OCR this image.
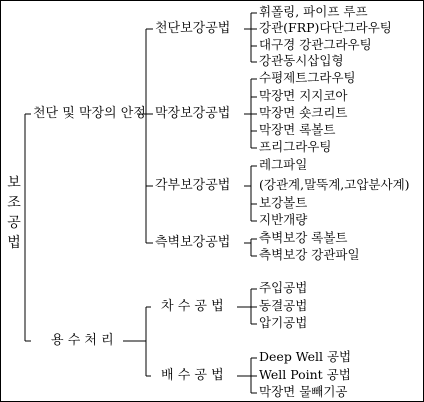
보
조
공
법
천단 및 막장의 안정
용 수 처 리
천단보강공법
막장보강공법
각부보강공법
측벽보강공법
차 수 공 법
배 수 공 법
휘폴링, 파이프 루프
강관(FRP)다단그라우팅
대구경 강관그라우팅
강관동시삽입형
수평제트그라우팅
막장면 지지코아
막장면 숏크리트
막장면 록볼트
프리그라우팅
레그파일
(강관계,말뚝계,고압분사계)
보강볼트
지반개량
측벽보강 록볼트
측벽보강 강관파일
주입공법
동결공법
압기공법
Deep Well 공법
Well Point 공법
막장면 물빼기공
